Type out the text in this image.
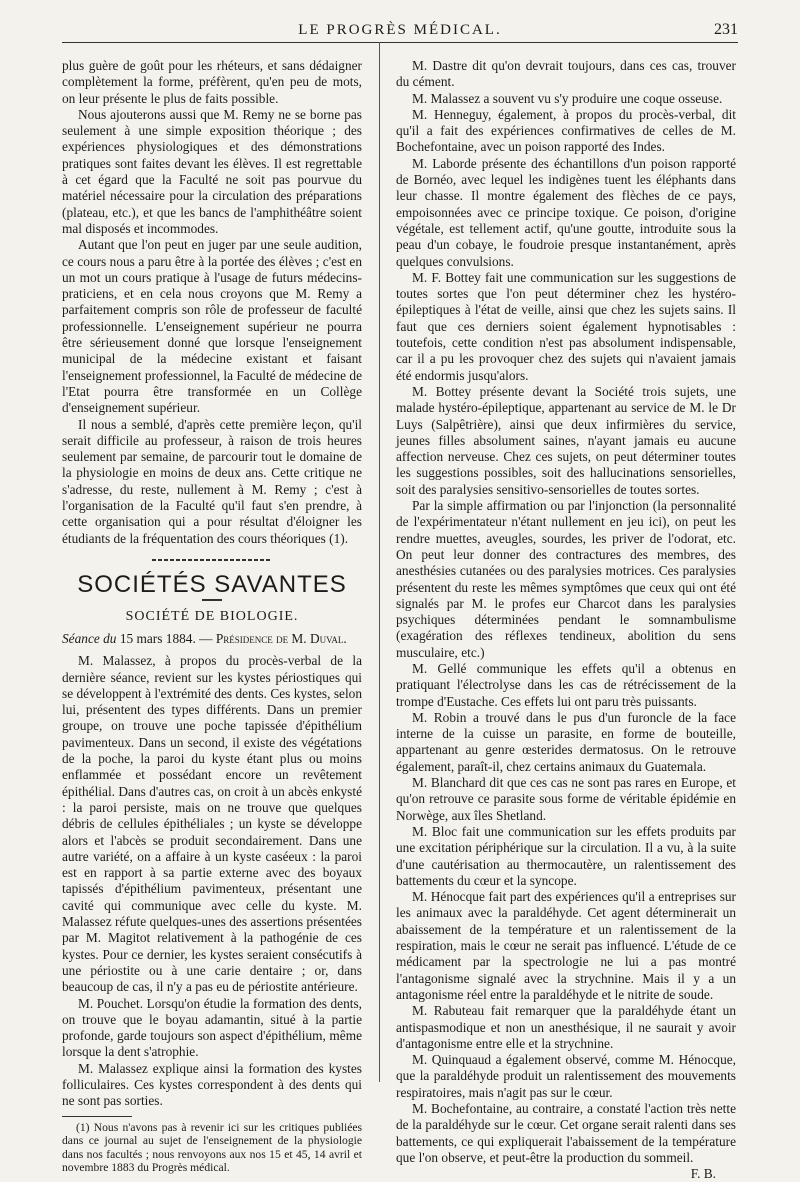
LE PROGRÈS MÉDICAL.	231

plus guère de goût pour les rhéteurs, et sans dédaigner complètement la forme, préfèrent, qu'en peu de mots, on leur présente le plus de faits possible.

Nous ajouterons aussi que M. Remy ne se borne pas seulement à une simple exposition théorique ; des expériences physiologiques et des démonstrations pratiques sont faites devant les élèves. Il est regrettable à cet égard que la Faculté ne soit pas pourvue du matériel nécessaire pour la circulation des préparations (plateau, etc.), et que les bancs de l'amphithéâtre soient mal disposés et incommodes.

Autant que l'on peut en juger par une seule audition, ce cours nous a paru être à la portée des élèves ; c'est en un mot un cours pratique à l'usage de futurs médecins-praticiens, et en cela nous croyons que M. Remy a parfaitement compris son rôle de professeur de faculté professionnelle. L'enseignement supérieur ne pourra être sérieusement donné que lorsque l'enseignement municipal de la médecine existant et faisant l'enseignement professionnel, la Faculté de médecine de l'Etat pourra être transformée en un Collège d'enseignement supérieur.

Il nous a semblé, d'après cette première leçon, qu'il serait difficile au professeur, à raison de trois heures seulement par semaine, de parcourir tout le domaine de la physiologie en moins de deux ans. Cette critique ne s'adresse, du reste, nullement à M. Remy ; c'est à l'organisation de la Faculté qu'il faut s'en prendre, à cette organisation qui a pour résultat d'éloigner les étudiants de la fréquentation des cours théoriques (1).

SOCIÉTÉS SAVANTES
SOCIÉTÉ DE BIOLOGIE.
Séance du 15 mars 1884. — Présidence de M. Duval.

M. Malassez, à propos du procès-verbal de la dernière séance, revient sur les kystes périostiques qui se développent à l'extrémité des dents. Ces kystes, selon lui, présentent des types différents. Dans un premier groupe, on trouve une poche tapissée d'épithélium pavimenteux. Dans un second, il existe des végétations de la poche, la paroi du kyste étant plus ou moins enflammée et possédant encore un revêtement épithélial. Dans d'autres cas, on croit à un abcès enkysté : la paroi persiste, mais on ne trouve que quelques débris de cellules épithéliales ; un kyste se développe alors et l'abcès se produit secondairement. Dans une autre variété, on a affaire à un kyste caséeux : la paroi est en rapport à sa partie externe avec des boyaux tapissés d'épithélium pavimenteux, présentant une cavité qui communique avec celle du kyste. M. Malassez réfute quelques-unes des assertions présentées par M. Magitot relativement à la pathogénie de ces kystes. Pour ce dernier, les kystes seraient consécutifs à une périostite ou à une carie dentaire ; or, dans beaucoup de cas, il n'y a pas eu de périostite antérieure.

M. Pouchet. Lorsqu'on étudie la formation des dents, on trouve que le boyau adamantin, situé à la partie profonde, garde toujours son aspect d'épithélium, même lorsque la dent s'atrophie.

M. Malassez explique ainsi la formation des kystes folliculaires. Ces kystes correspondent à des dents qui ne sont pas sorties.

(1) Nous n'avons pas à revenir ici sur les critiques publiées dans ce journal au sujet de l'enseignement de la physiologie dans nos facultés ; nous renvoyons aux nos 15 et 45, 14 avril et novembre 1883 du Progrès médical.

M. Dastre dit qu'on devrait toujours, dans ces cas, trouver du cément.

M. Malassez a souvent vu s'y produire une coque osseuse.

M. Henneguy, également, à propos du procès-verbal, dit qu'il a fait des expériences confirmatives de celles de M. Bochefontaine, avec un poison rapporté des Indes.

M. Laborde présente des échantillons d'un poison rapporté de Bornéo, avec lequel les indigènes tuent les éléphants dans leur chasse. Il montre également des flèches de ce pays, empoisonnées avec ce principe toxique. Ce poison, d'origine végétale, est tellement actif, qu'une goutte, introduite sous la peau d'un cobaye, le foudroie presque instantanément, après quelques convulsions.

M. F. Bottey fait une communication sur les suggestions de toutes sortes que l'on peut déterminer chez les hystéro-épileptiques à l'état de veille, ainsi que chez les sujets sains. Il faut que ces derniers soient également hypnotisables : toutefois, cette condition n'est pas absolument indispensable, car il a pu les provoquer chez des sujets qui n'avaient jamais été endormis jusqu'alors.

M. Bottey présente devant la Société trois sujets, une malade hystéro-épileptique, appartenant au service de M. le Dr Luys (Salpêtrière), ainsi que deux infirmières du service, jeunes filles absolument saines, n'ayant jamais eu aucune affection nerveuse. Chez ces sujets, on peut déterminer toutes les suggestions possibles, soit des hallucinations sensorielles, soit des paralysies sensitivo-sensorielles de toutes sortes.

Par la simple affirmation ou par l'injonction (la personnalité de l'expérimentateur n'étant nullement en jeu ici), on peut les rendre muettes, aveugles, sourdes, les priver de l'odorat, etc. On peut leur donner des contractures des membres, des anesthésies cutanées ou des paralysies motrices. Ces paralysies présentent du reste les mêmes symptômes que ceux qui ont été signalés par M. le profes eur Charcot dans les paralysies psychiques déterminées pendant le somnambulisme (exagération des réflexes tendineux, abolition du sens musculaire, etc.)

M. Gellé communique les effets qu'il a obtenus en pratiquant l'électrolyse dans les cas de rétrécissement de la trompe d'Eustache. Ces effets lui ont paru très puissants.

M. Robin a trouvé dans le pus d'un furoncle de la face interne de la cuisse un parasite, en forme de bouteille, appartenant au genre œsterides dermatosus. On le retrouve également, paraît-il, chez certains animaux du Guatemala.

M. Blanchard dit que ces cas ne sont pas rares en Europe, et qu'on retrouve ce parasite sous forme de véritable épidémie en Norwège, aux îles Shetland.

M. Bloc fait une communication sur les effets produits par une excitation périphérique sur la circulation. Il a vu, à la suite d'une cautérisation au thermocautère, un ralentissement des battements du cœur et la syncope.

M. Hénocque fait part des expériences qu'il a entreprises sur les animaux avec la paraldéhyde. Cet agent déterminerait un abaissement de la température et un ralentissement de la respiration, mais le cœur ne serait pas influencé. L'étude de ce médicament par la spectrologie ne lui a pas montré l'antagonisme signalé avec la strychnine. Mais il y a un antagonisme réel entre la paraldéhyde et le nitrite de soude.

M. Rabuteau fait remarquer que la paraldéhyde étant un antispasmodique et non un anesthésique, il ne saurait y avoir d'antagonisme entre elle et la strychnine.

M. Quinquaud a également observé, comme M. Hénocque, que la paraldéhyde produit un ralentissement des mouvements respiratoires, mais n'agit pas sur le cœur.

M. Bochefontaine, au contraire, a constaté l'action très nette de la paraldéhyde sur le cœur. Cet organe serait ralenti dans ses battements, ce qui expliquerait l'abaissement de la température que l'on observe, et peut-être la production du sommeil.

F. B.
